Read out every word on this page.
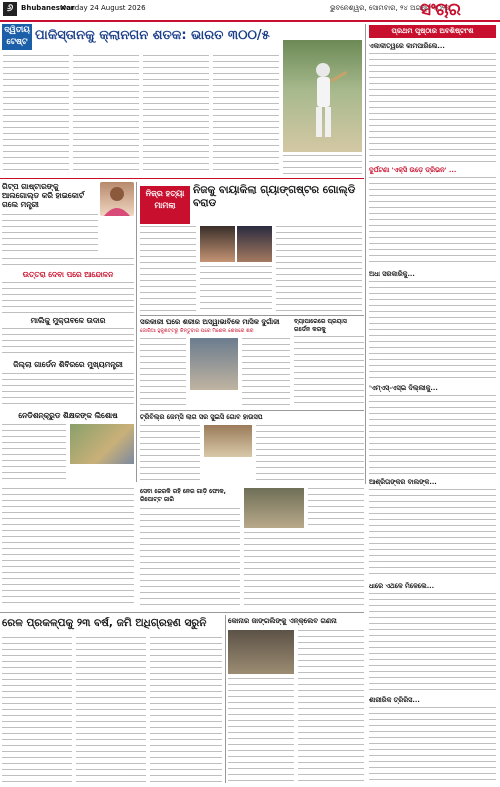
୬	Bhubaneswar
Monday 24 August 2026	ଭୁବନେଶ୍ୱର, ସୋମବାର, ୨୪ ଅଗଷ୍ଟ ୨୦୨୬
ସଂଚାର
ଦ୍ୱିତୀୟ ଟେଷ୍ଟ ପାକିସ୍ତାନକୁ କ୍ଲାନଗନ ଶତକ: ଭାରତ ୩୦୦/୫
ଗିଟ୍‌ପ ଗାଷ୍ଟାରଙ୍କୁ ଆଲଗୋଲ୍ଡ କରି ହାଇକୋର୍ଟ ଗଲେ ମନ୍ତ୍ରୀ
ଉତ୍ତରା ଦେବା ପରେ ଆନ୍ଦୋଳନ
ମାଲିକୁ ମୁକ୍ତାବଳେ ଉଦାର
ଜିଲ୍ଲା ଗାର୍ଡେନ ଶିବିରରେ ମୁଖ୍ୟମନ୍ତ୍ରୀ
ନେଡିଶନ୍‌କ୍ରୁଡ ଶିକ୍ଷକଙ୍କ ଲିଶୋଷ
ନିଜ୍‌ର ହତ୍ୟା ମାମଲା
ନିଜକୁ ବାୟାକିଲା ଗ୍ୟାଙ୍ଗଷ୍ଟର ଗୋଲ୍ଡି ବରାଡ
ସରକାରୀ ଘରେ ଶରୀର ଅସ୍ୱାଭାବିକେ ମାସିକ ଦୁର୍ଗାଜୀ
ଜୋରିଆ ହୁକୁଶଟ୍ଟରୁ କିନ୍ତୁବାର ପରେ ମିଶେଲ ଶେଖରେ ଶର
ବ୍ୟାପାରେରେ ପ୍ରୟାସ ଗର୍ଡେନ କରକୁ
ଟ୍ରିବିଲ୍‌ର ଜେମ୍‌ସି ଲାଗ ସର ସୁଇସି ଗୋବ ହାଉସପ
ପ୍ରଥମ ପୃଷ୍ଠାର ଅବଶିଷ୍ଟାଂଶ
ଏକାକୀତ୍ୱରେ କାମପାରିଲେ...
ଦୁର୍ଘଟଣା 'ଏକ୍ସି ଉଡ଼େ ଡ୍ରିଭନ' ...
ଅଧା ସରକାରିକୁ...
'ଏମ୍‌ଏସ୍‌-ଏସ୍‌ଇ ଦିଲ୍ଲୀକୁ...
ଆଶ୍ରିତାଙ୍କର ବାଲଙ୍କ...
ଧାରେ ଏଥଳେ ମିଳେଲେ...
ଶାରୀରିକ ତ୍ରିରିସ...
ସେବା ଜେରକି ରହି ନେର ଗାଡ଼ି ଫୋକ, ରିପୋଟ୍ଟ ଜାରି
ରେଳ ପ୍ରକଳ୍ପକୁ ୨୩ ବର୍ଷ, ଜମି ଅଧିଗ୍ରହଣ ସରୁନି	କୋନାର ଜାଙ୍ଗଲିଙ୍କୁ ଏନ୍‌କ୍ଲେବ ଗଣନା
